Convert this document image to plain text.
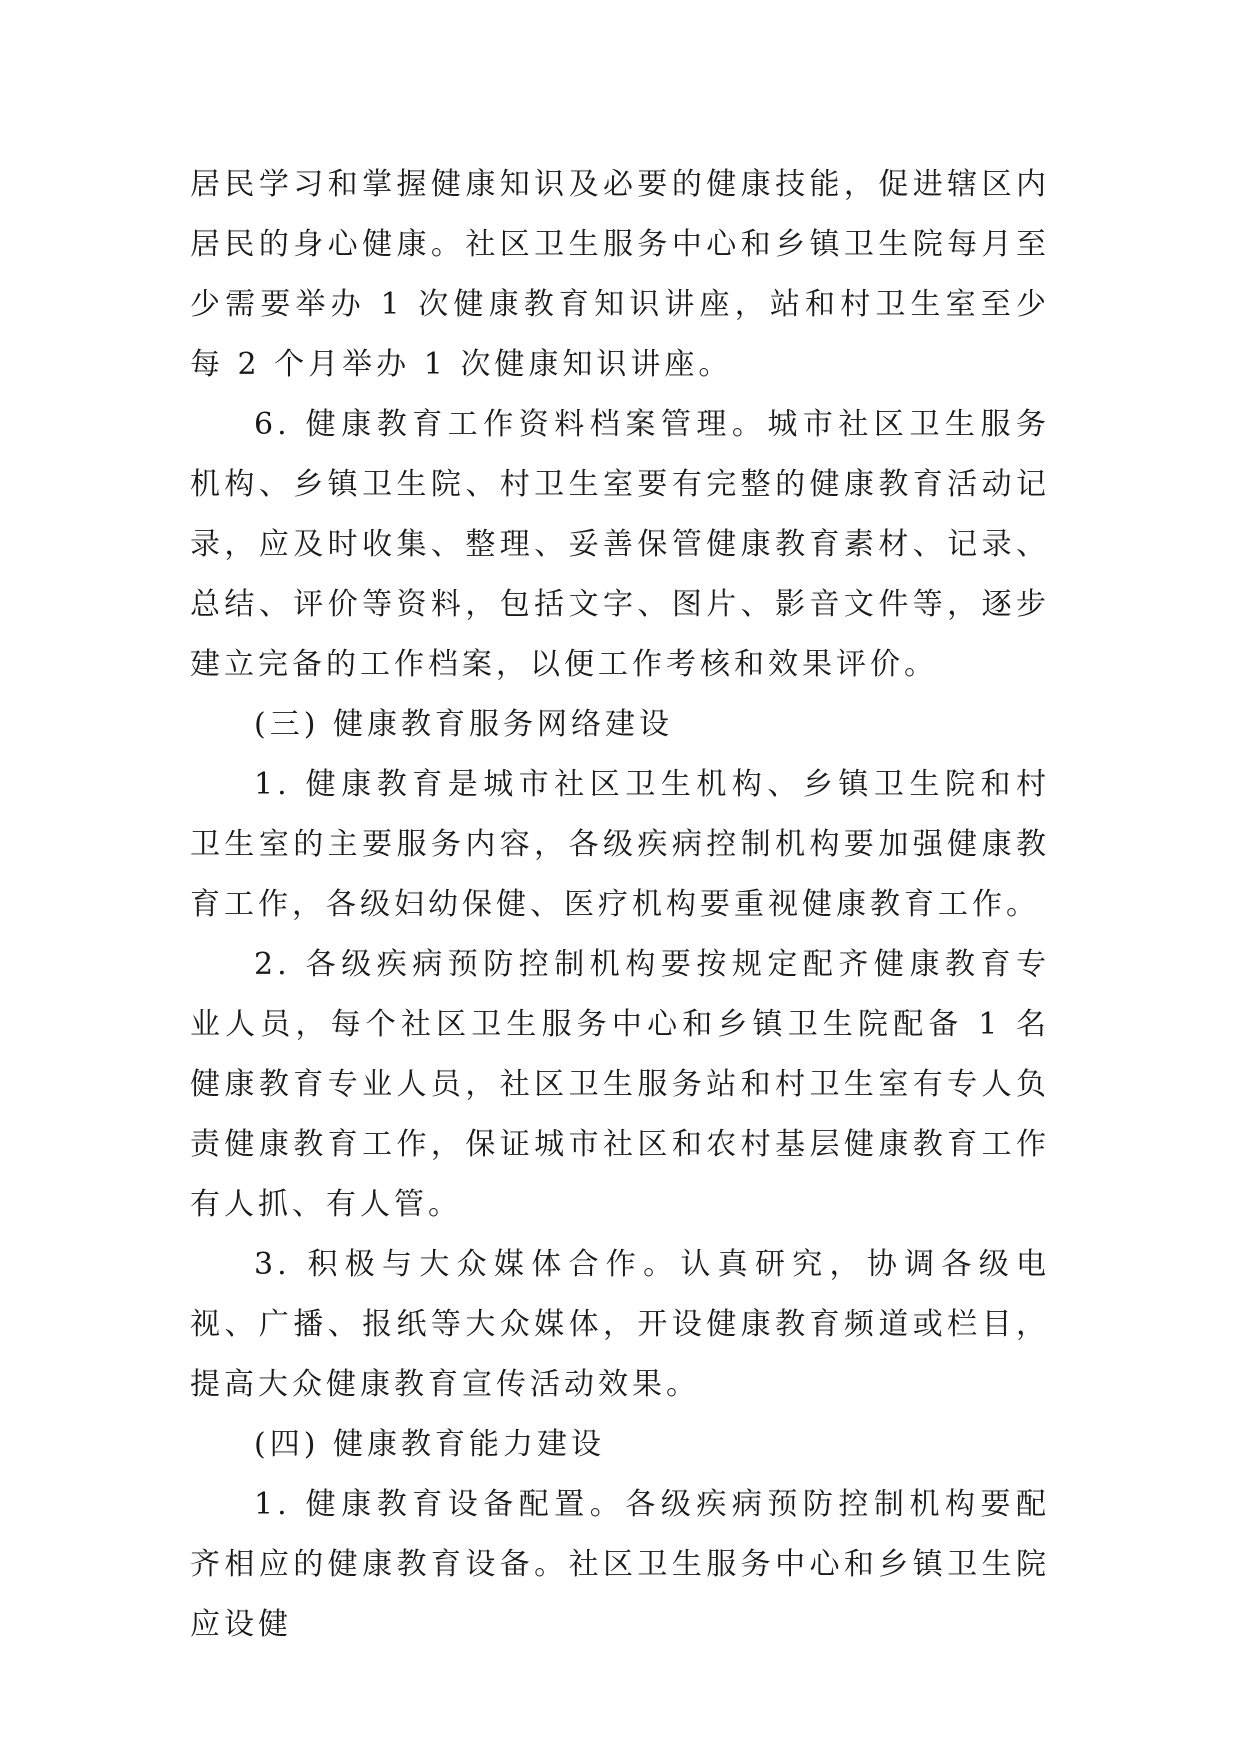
居民学习和掌握健康知识及必要的健康技能，促进辖区内居民的身心健康。社区卫生服务中心和乡镇卫生院每月至少需要举办 1 次健康教育知识讲座，站和村卫生室至少每 2 个月举办 1 次健康知识讲座。

6. 健康教育工作资料档案管理。城市社区卫生服务机构、乡镇卫生院、村卫生室要有完整的健康教育活动记录，应及时收集、整理、妥善保管健康教育素材、记录、总结、评价等资料，包括文字、图片、影音文件等，逐步建立完备的工作档案，以便工作考核和效果评价。

(三) 健康教育服务网络建设

1. 健康教育是城市社区卫生机构、乡镇卫生院和村卫生室的主要服务内容，各级疾病控制机构要加强健康教育工作，各级妇幼保健、医疗机构要重视健康教育工作。

2. 各级疾病预防控制机构要按规定配齐健康教育专业人员，每个社区卫生服务中心和乡镇卫生院配备 1 名健康教育专业人员，社区卫生服务站和村卫生室有专人负责健康教育工作，保证城市社区和农村基层健康教育工作有人抓、有人管。

3. 积极与大众媒体合作。认真研究，协调各级电视、广播、报纸等大众媒体，开设健康教育频道或栏目，提高大众健康教育宣传活动效果。

(四) 健康教育能力建设

1. 健康教育设备配置。各级疾病预防控制机构要配齐相应的健康教育设备。社区卫生服务中心和乡镇卫生院应设健
